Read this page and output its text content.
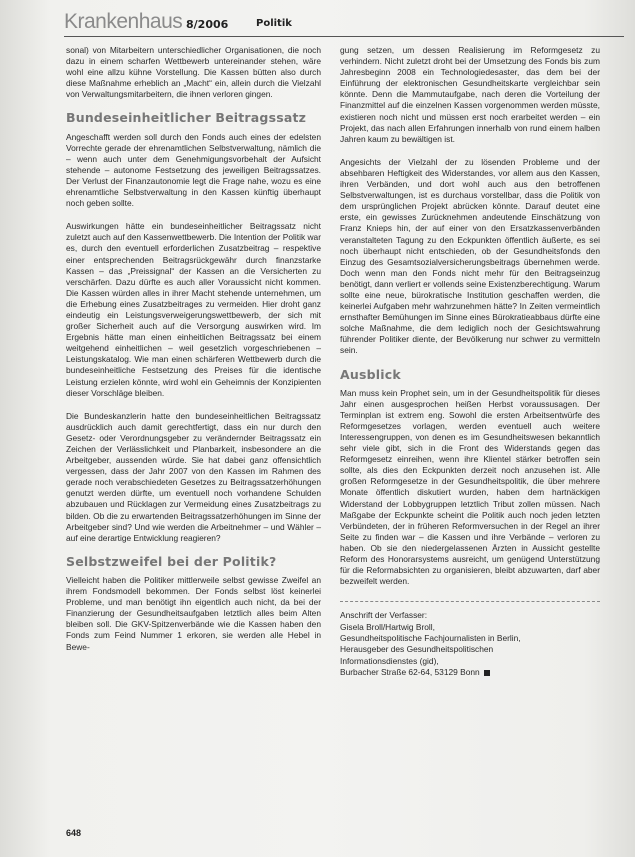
Krankenhaus 8/2006	Politik

sonal) von Mitarbeitern unterschiedlicher Organisationen, die noch dazu in einem scharfen Wettbewerb untereinander stehen, wäre wohl eine allzu kühne Vorstellung. Die Kassen bütten also durch diese Maßnahme erheblich an „Macht“ ein, allein durch die Vielzahl von Verwaltungsmitarbeitern, die ihnen verloren gingen.

Bundeseinheitlicher Beitragssatz

Angeschafft werden soll durch den Fonds auch eines der edelsten Vorrechte gerade der ehrenamtlichen Selbstverwaltung, nämlich die – wenn auch unter dem Genehmigungsvorbehalt der Aufsicht stehende – autonome Festsetzung des jeweiligen Beitragssatzes. Der Verlust der Finanzautonomie legt die Frage nahe, wozu es eine ehrenamtliche Selbstverwaltung in den Kassen künftig überhaupt noch geben sollte.

Auswirkungen hätte ein bundeseinheitlicher Beitragssatz nicht zuletzt auch auf den Kassenwettbewerb. Die Intention der Politik war es, durch den eventuell erforderlichen Zusatzbeitrag – respektive einer entsprechenden Beitragsrückgewähr durch finanzstarke Kassen – das „Preissignal“ der Kassen an die Versicherten zu verschärfen. Dazu dürfte es auch aller Voraussicht nicht kommen. Die Kassen würden alles in ihrer Macht stehende unternehmen, um die Erhebung eines Zusatzbeitrages zu vermeiden. Hier droht ganz eindeutig ein Leistungsverweigerungswettbewerb, der sich mit großer Sicherheit auch auf die Versorgung auswirken wird. Im Ergebnis hätte man einen einheitlichen Beitragssatz bei einem weitgehend einheitlichen – weil gesetzlich vorgeschriebenen – Leistungskatalog. Wie man einen schärferen Wettbewerb durch die bundeseinheitliche Festsetzung des Preises für die identische Leistung erzielen könnte, wird wohl ein Geheimnis der Konzipienten dieser Vorschläge bleiben.

Die Bundeskanzlerin hatte den bundeseinheitlichen Beitragssatz ausdrücklich auch damit gerechtfertigt, dass ein nur durch den Gesetz- oder Verordnungsgeber zu verändernder Beitragssatz ein Zeichen der Verlässlichkeit und Planbarkeit, insbesondere an die Arbeitgeber, aussenden würde. Sie hat dabei ganz offensichtlich vergessen, dass der Jahr 2007 von den Kassen im Rahmen des gerade noch verabschiedeten Gesetzes zu Beitragssatzerhöhungen genutzt werden dürfte, um eventuell noch vorhandene Schulden abzubauen und Rücklagen zur Vermeidung eines Zusatzbeitrags zu bilden. Ob die zu erwartenden Beitragssatzerhöhungen im Sinne der Arbeitgeber sind? Und wie werden die Arbeitnehmer – und Wähler – auf eine derartige Entwicklung reagieren?

Selbstzweifel bei der Politik?

Vielleicht haben die Politiker mittlerweile selbst gewisse Zweifel an ihrem Fondsmodell bekommen. Der Fonds selbst löst keinerlei Probleme, und man benötigt ihn eigentlich auch nicht, da bei der Finanzierung der Gesundheitsaufgaben letztlich alles beim Alten bleiben soll. Die GKV-Spitzenverbände wie die Kassen haben den Fonds zum Feind Nummer 1 erkoren, sie werden alle Hebel in Bewe-

gung setzen, um dessen Realisierung im Reformgesetz zu verhindern. Nicht zuletzt droht bei der Umsetzung des Fonds bis zum Jahresbeginn 2008 ein Technologiedesaster, das dem bei der Einführung der elektronischen Gesundheitskarte vergleichbar sein könnte. Denn die Mammutaufgabe, nach deren die Vorteilung der Finanzmittel auf die einzelnen Kassen vorgenommen werden müsste, existieren noch nicht und müssen erst noch erarbeitet werden – ein Projekt, das nach allen Erfahrungen innerhalb von rund einem halben Jahren kaum zu bewältigen ist.

Angesichts der Vielzahl der zu lösenden Probleme und der absehbaren Heftigkeit des Widerstandes, vor allem aus den Kassen, ihren Verbänden, und dort wohl auch aus den betroffenen Selbstverwaltungen, ist es durchaus vorstellbar, dass die Politik von dem ursprünglichen Projekt abrücken könnte. Darauf deutet eine erste, ein gewisses Zurücknehmen andeutende Einschätzung von Franz Knieps hin, der auf einer von den Ersatzkassenverbänden veranstalteten Tagung zu den Eckpunkten öffentlich äußerte, es sei noch überhaupt nicht entschieden, ob der Gesundheitsfonds den Einzug des Gesamtsozialversicherungsbeitrags übernehmen werde. Doch wenn man den Fonds nicht mehr für den Beitragseinzug benötigt, dann verliert er vollends seine Existenzberechtigung. Warum sollte eine neue, bürokratische Institution geschaffen werden, die keinerlei Aufgaben mehr wahrzunehmen hätte? In Zeiten vermeintlich ernsthafter Bemühungen im Sinne eines Bürokratieabbaus dürfte eine solche Maßnahme, die dem lediglich noch der Gesichtswahrung führender Politiker diente, der Bevölkerung nur schwer zu vermitteln sein.

Ausblick

Man muss kein Prophet sein, um in der Gesundheitspolitik für dieses Jahr einen ausgesprochen heißen Herbst voraussusagen. Der Terminplan ist extrem eng. Sowohl die ersten Arbeitsentwürfe des Reformgesetzes vorlagen, werden eventuell auch weitere Interessengruppen, von denen es im Gesundheitswesen bekanntlich sehr viele gibt, sich in die Front des Widerstands gegen das Reformgesetz einreihen, wenn ihre Klientel stärker betroffen sein sollte, als dies den Eckpunkten derzeit noch anzusehen ist. Alle großen Reformgesetze in der Gesundheitspolitik, die über mehrere Monate öffentlich diskutiert wurden, haben dem hartnäckigen Widerstand der Lobbygruppen letztlich Tribut zollen müssen. Nach Maßgabe der Eckpunkte scheint die Politik auch noch jeden letzten Verbündeten, der in früheren Reformversuchen in der Regel an ihrer Seite zu finden war – die Kassen und ihre Verbände – verloren zu haben. Ob sie den niedergelassenen Ärzten in Aussicht gestellte Reform des Honorarsystems ausreicht, um genügend Unterstützung für die Reformabsichten zu organisieren, bleibt abzuwarten, darf aber bezweifelt werden.

Anschrift der Verfasser:

Gisela Broll/Hartwig Broll,

Gesundheitspolitische Fachjournalisten in Berlin,

Herausgeber des Gesundheitspolitischen

Informationsdienstes (gid),

Burbacher Straße 62-64, 53129 Bonn

648
